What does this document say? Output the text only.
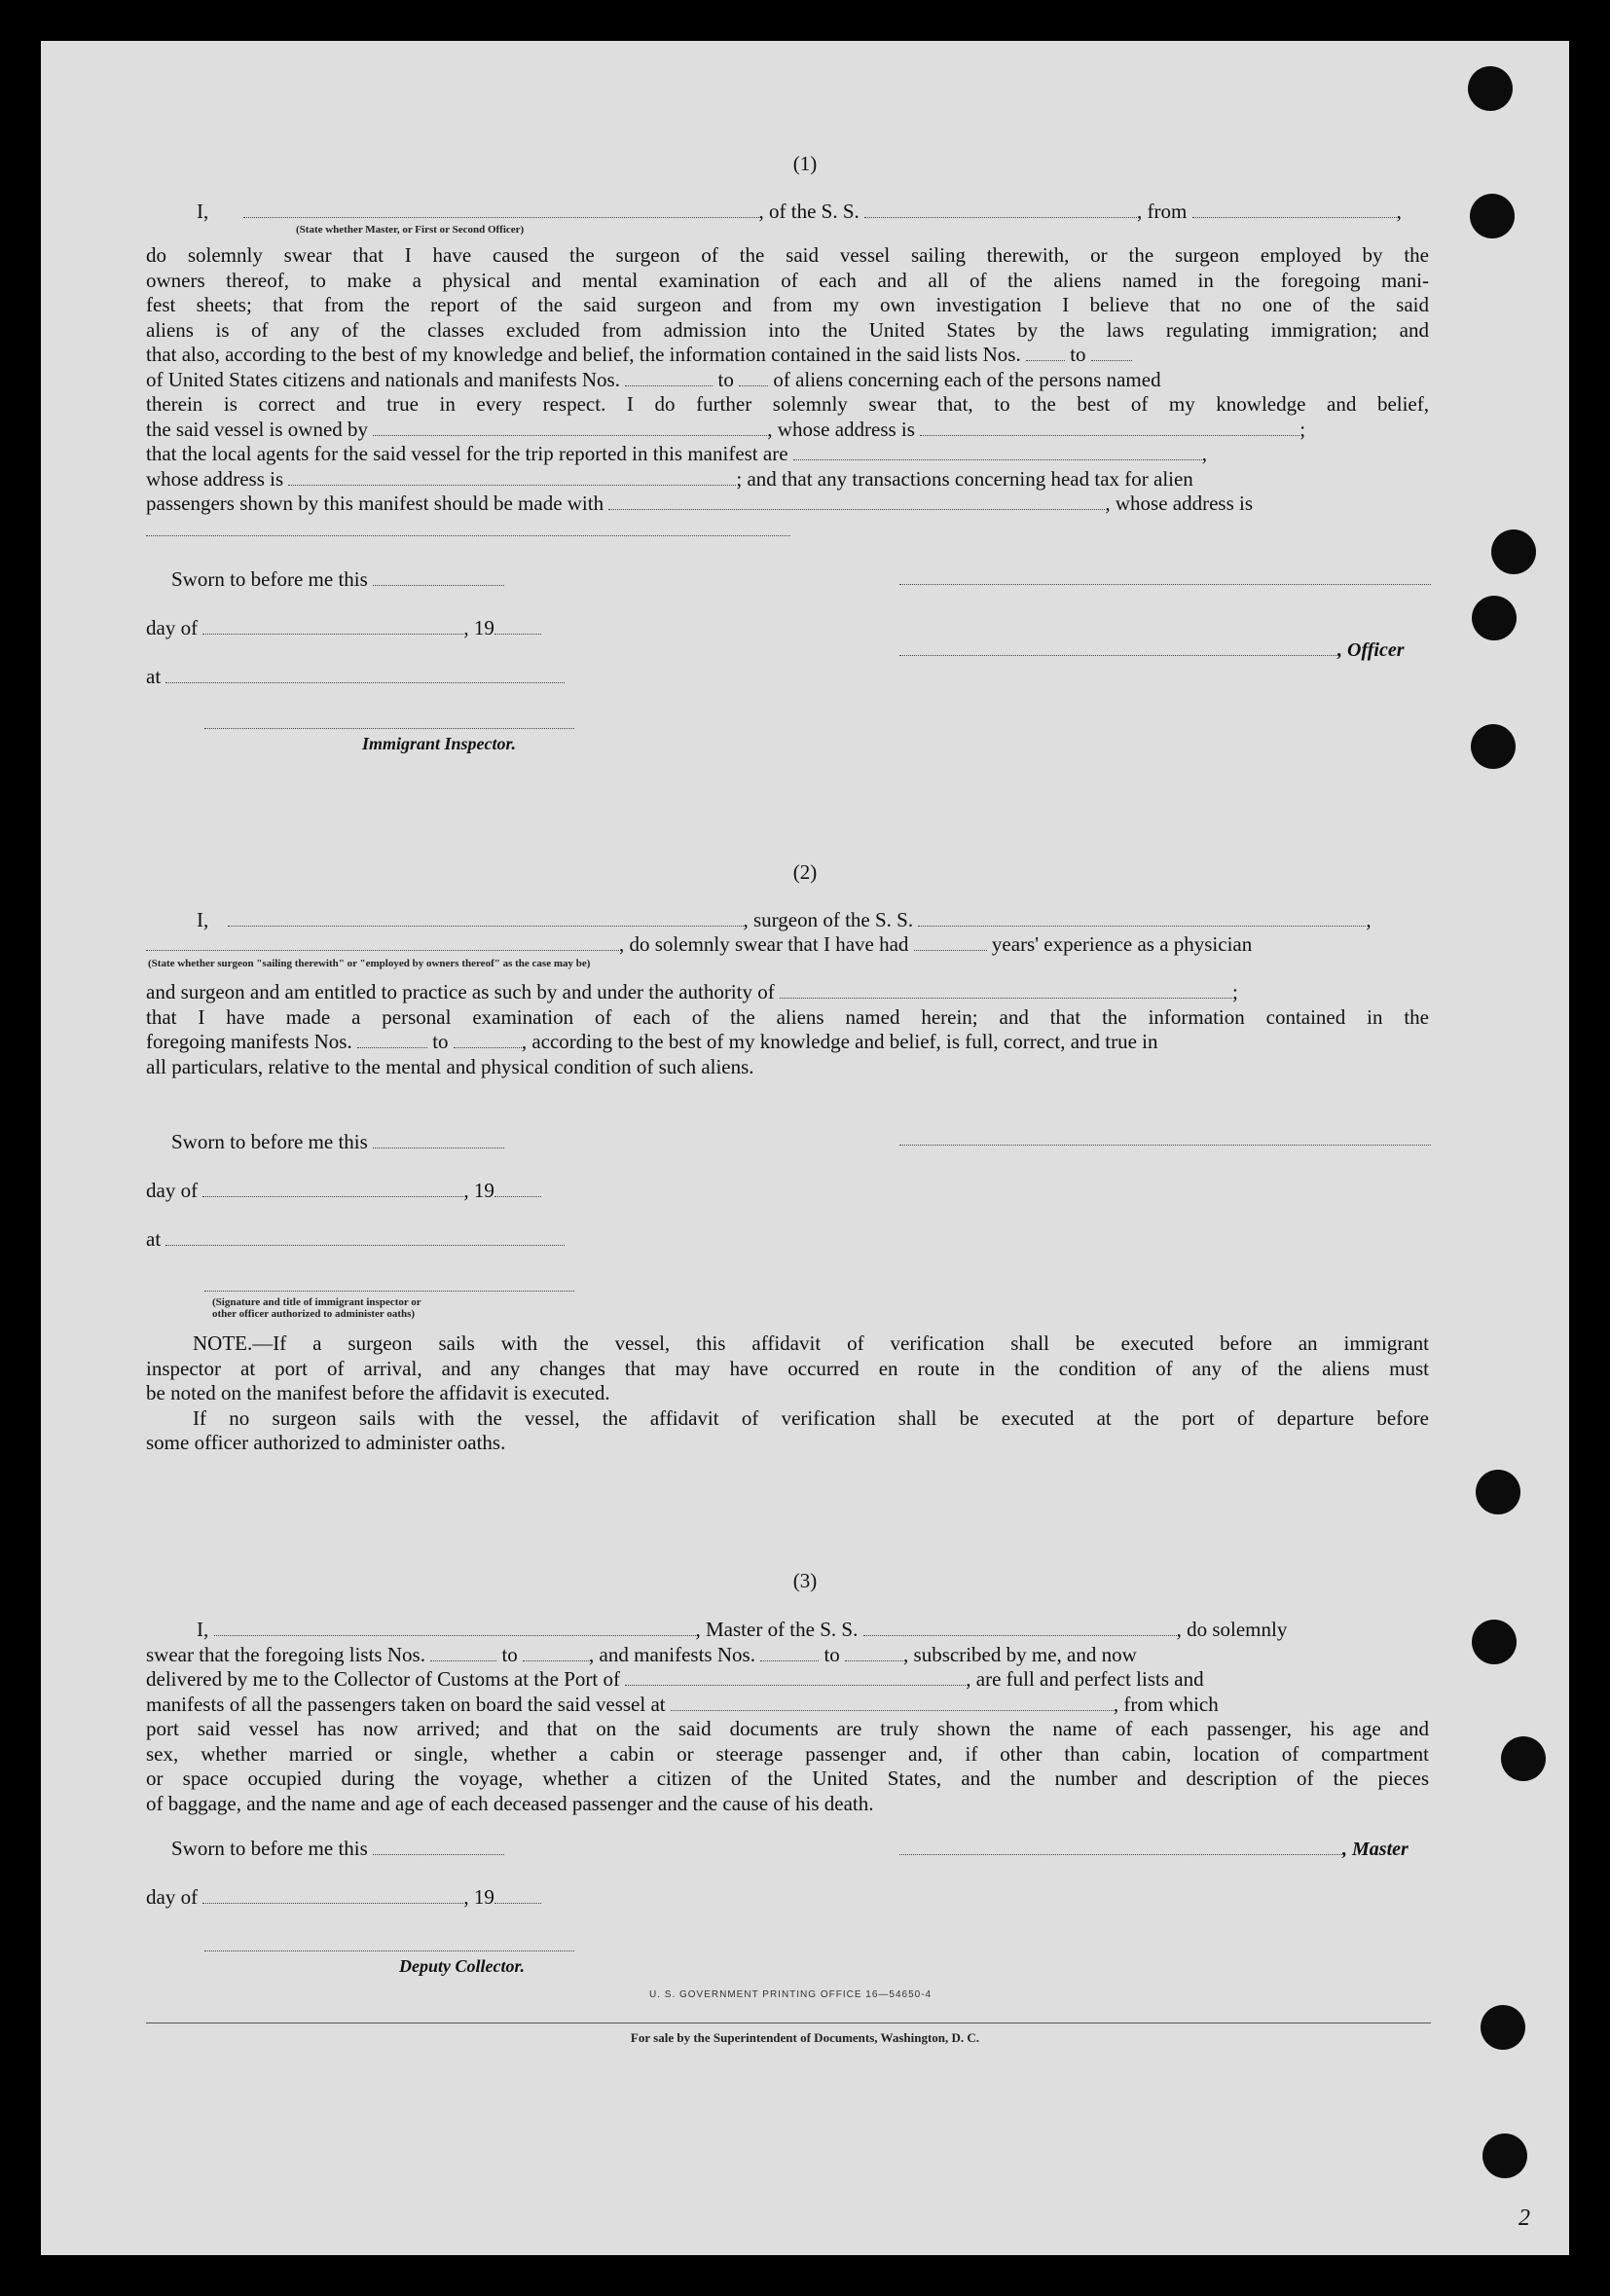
(1)
I,	, of the S. S.	, from	,
(State whether Master, or First or Second Officer)
do solemnly swear that I have caused the surgeon of the said vessel sailing therewith, or the surgeon employed by the
owners thereof, to make a physical and mental examination of each and all of the aliens named in the foregoing mani-
fest sheets; that from the report of the said surgeon and from my own investigation I believe that no one of the said
aliens is of any of the classes excluded from admission into the United States by the laws regulating immigration; and
that also, according to the best of my knowledge and belief, the information contained in the said lists Nos. to
of United States citizens and nationals and manifests Nos.	to of aliens concerning each of the persons named
therein is correct and true in every respect. I do further solemnly swear that, to the best of my knowledge and belief,
the said vessel is owned by	, whose address is	;
that the local agents for the said vessel for the trip reported in this manifest are	,
whose address is	; and that any transactions concerning head tax for alien
passengers shown by this manifest should be made with	, whose address is
Sworn to before me this
day of	, 19
at
Immigrant Inspector.
, Officer
(2)
I,	, surgeon of the S. S.	,
, do solemnly swear that I have had	years' experience as a physician
(State whether surgeon "sailing therewith" or "employed by owners thereof" as the case may be)
and surgeon and am entitled to practice as such by and under the authority of	;
that I have made a personal examination of each of the aliens named herein; and that the information contained in the
foregoing manifests Nos.	to	, according to the best of my knowledge and belief, is full, correct, and true in
all particulars, relative to the mental and physical condition of such aliens.
Sworn to before me this
day of	, 19
at
(Signature and title of immigrant inspector or
other officer authorized to administer oaths)
NOTE.—If a surgeon sails with the vessel, this affidavit of verification shall be executed before an immigrant
inspector at port of arrival, and any changes that may have occurred en route in the condition of any of the aliens must
be noted on the manifest before the affidavit is executed.
If no surgeon sails with the vessel, the affidavit of verification shall be executed at the port of departure before
some officer authorized to administer oaths.
(3)
I,	, Master of the S. S.	, do solemnly
swear that the foregoing lists Nos.	to	, and manifests Nos.	to	, subscribed by me, and now
delivered by me to the Collector of Customs at the Port of	, are full and perfect lists and
manifests of all the passengers taken on board the said vessel at	, from which
port said vessel has now arrived; and that on the said documents are truly shown the name of each passenger, his age and
sex, whether married or single, whether a cabin or steerage passenger and, if other than cabin, location of compartment
or space occupied during the voyage, whether a citizen of the United States, and the number and description of the pieces
of baggage, and the name and age of each deceased passenger and the cause of his death.
Sworn to before me this	, Master
day of	, 19
Deputy Collector.
U. S. GOVERNMENT PRINTING OFFICE 16—54650-4
For sale by the Superintendent of Documents, Washington, D. C.
2
